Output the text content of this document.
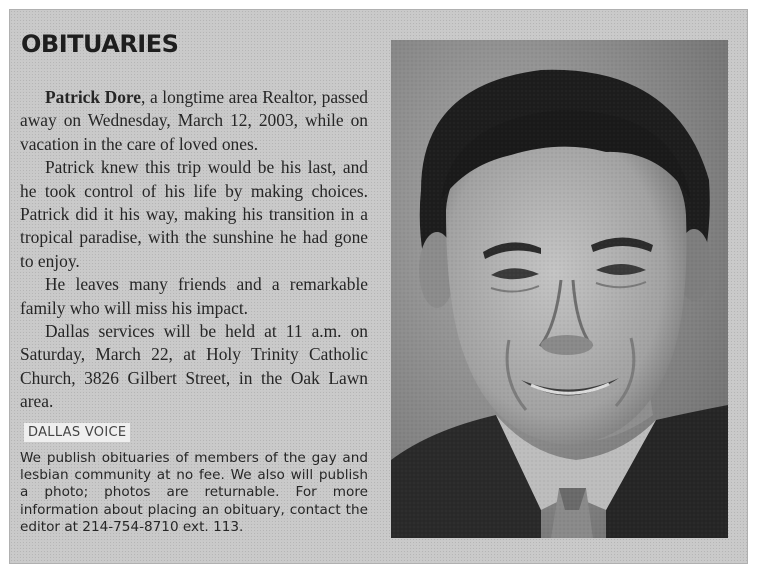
OBITUARIES

Patrick Dore, a longtime area Realtor, passed away on Wednesday, March 12, 2003, while on vacation in the care of loved ones.

Patrick knew this trip would be his last, and he took control of his life by making choices. Patrick did it his way, making his transition in a tropical paradise, with the sunshine he had gone to enjoy.

He leaves many friends and a remarkable family who will miss his impact.

Dallas services will be held at 11 a.m. on Saturday, March 22, at Holy Trinity Catholic Church, 3826 Gilbert Street, in the Oak Lawn area.

DALLAS VOICE

We publish obituaries of members of the gay and lesbian community at no fee. We also will publish a photo; photos are returnable. For more information about placing an obituary, contact the editor at 214-754-8710 ext. 113.
